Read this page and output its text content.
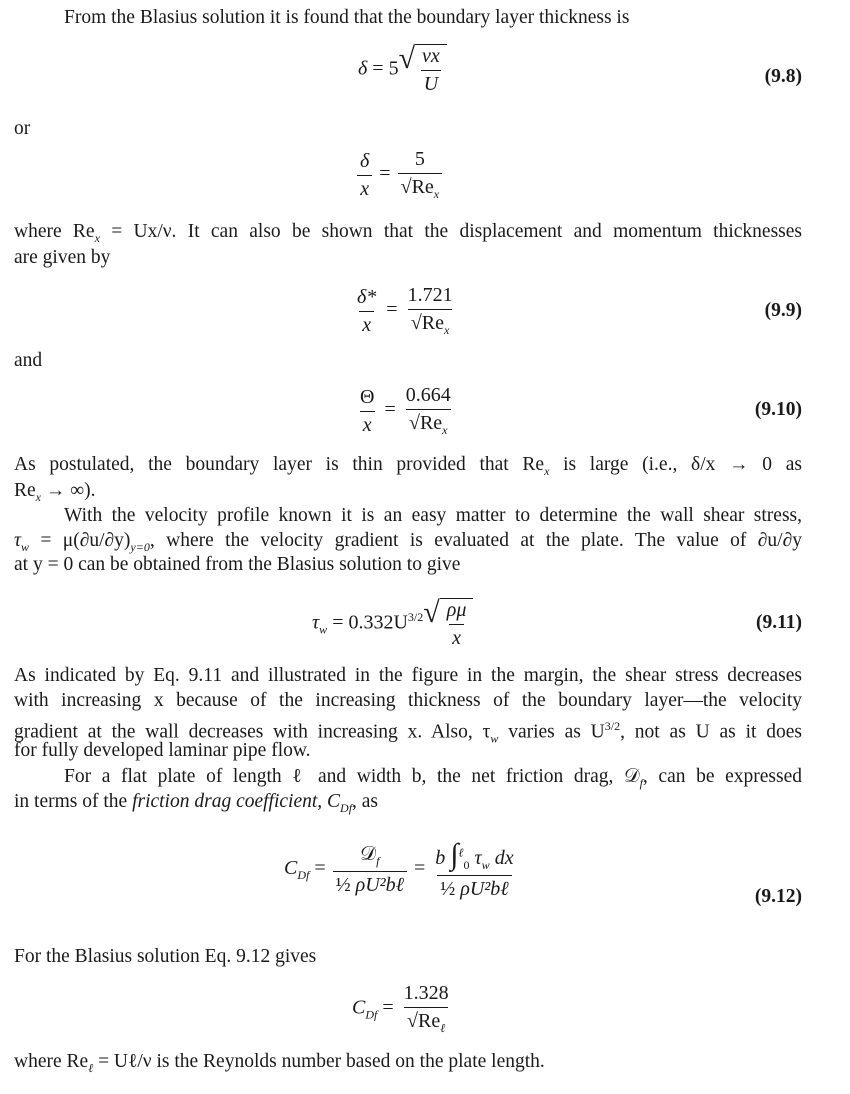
From the Blasius solution it is found that the boundary layer thickness is
δ = 5 √ $\frac{\nu x}{U}$	(9.8)
or
$\frac{\delta}{x} = \frac{5}{√Re_x}$
where $Re_x = Ux/\nu$. It can also be shown that the displacement and momentum thicknesses
are given by
$\frac{\delta*}{x} = \frac{1.721}{√Re_x}$	(9.9)
and
$\frac{\Theta}{x} = \frac{0.664}{√Re_x}$	(9.10)
As postulated, the boundary layer is thin provided that $Re_x$ is large (i.e., δ/x → 0 as
$Re_x$ → ∞).
With the velocity profile known it is an easy matter to determine the wall shear stress,
$\tau_w = \mu(\partial u/\partial y)_{y=0}$, where the velocity gradient is evaluated at the plate. The value of ∂u/∂y
at y = 0 can be obtained from the Blasius solution to give
$\tau_w = 0.332U^{3/2}$ √ $\frac{\rho\mu}{x}$	(9.11)
As indicated by Eq. 9.11 and illustrated in the figure in the margin, the shear stress decreases
with increasing x because of the increasing thickness of the boundary layer—the velocity
gradient at the wall decreases with increasing x. Also, $\tau_w$ varies as $U^{3/2}$, not as U as it does
for fully developed laminar pipe flow.
For a flat plate of length ℓ and width b, the net friction drag, 𝒟$_f$, can be expressed
in terms of the friction drag coefficient, $C_{Df}$, as
$C_{Df} = \frac{𝒟_f}{\text{½ ρU²bℓ}} = \frac{b \int^\ell_0 \tau_w dx}{\text{½ ρU²bℓ}}$	(9.12)
For the Blasius solution Eq. 9.12 gives
$C_{Df} = \frac{1.328}{√Re_\ell}$
where $Re_\ell$ = Uℓ/ν is the Reynolds number based on the plate length.
